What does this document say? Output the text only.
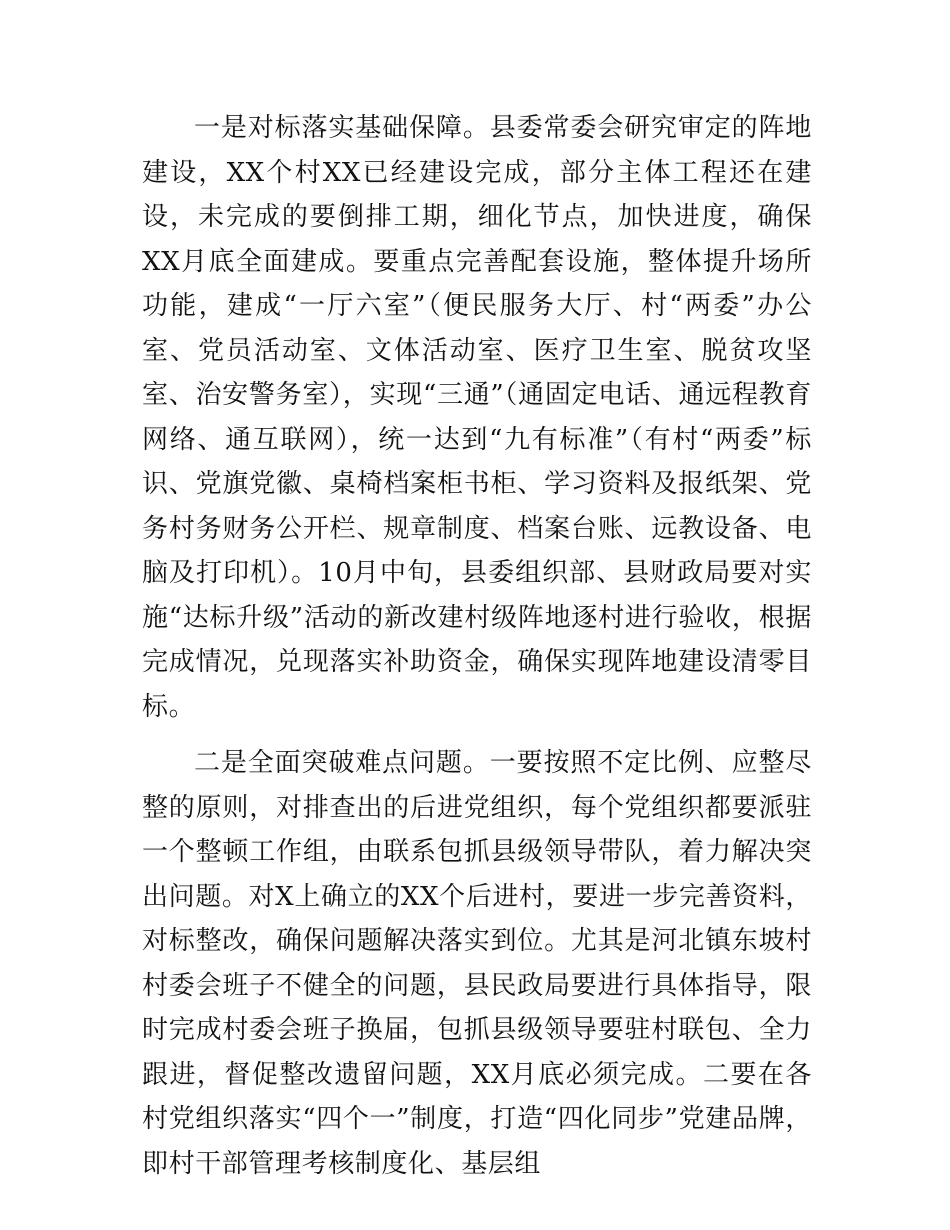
一是对标落实基础保障。县委常委会研究审定的阵地建设，XX个村XX已经建设完成，部分主体工程还在建设，未完成的要倒排工期，细化节点，加快进度，确保XX月底全面建成。要重点完善配套设施，整体提升场所功能，建成“一厅六室”（便民服务大厅、村“两委”办公室、党员活动室、文体活动室、医疗卫生室、脱贫攻坚室、治安警务室），实现“三通”（通固定电话、通远程教育网络、通互联网），统一达到“九有标准”（有村“两委”标识、党旗党徽、桌椅档案柜书柜、学习资料及报纸架、党务村务财务公开栏、规章制度、档案台账、远教设备、电脑及打印机）。10月中旬，县委组织部、县财政局要对实施“达标升级”活动的新改建村级阵地逐村进行验收，根据完成情况，兑现落实补助资金，确保实现阵地建设清零目标。

二是全面突破难点问题。一要按照不定比例、应整尽整的原则，对排查出的后进党组织，每个党组织都要派驻一个整顿工作组，由联系包抓县级领导带队，着力解决突出问题。对X上确立的XX个后进村，要进一步完善资料，对标整改，确保问题解决落实到位。尤其是河北镇东坡村村委会班子不健全的问题，县民政局要进行具体指导，限时完成村委会班子换届，包抓县级领导要驻村联包、全力跟进，督促整改遗留问题，XX月底必须完成。二要在各村党组织落实“四个一”制度，打造“四化同步”党建品牌，即村干部管理考核制度化、基层组
